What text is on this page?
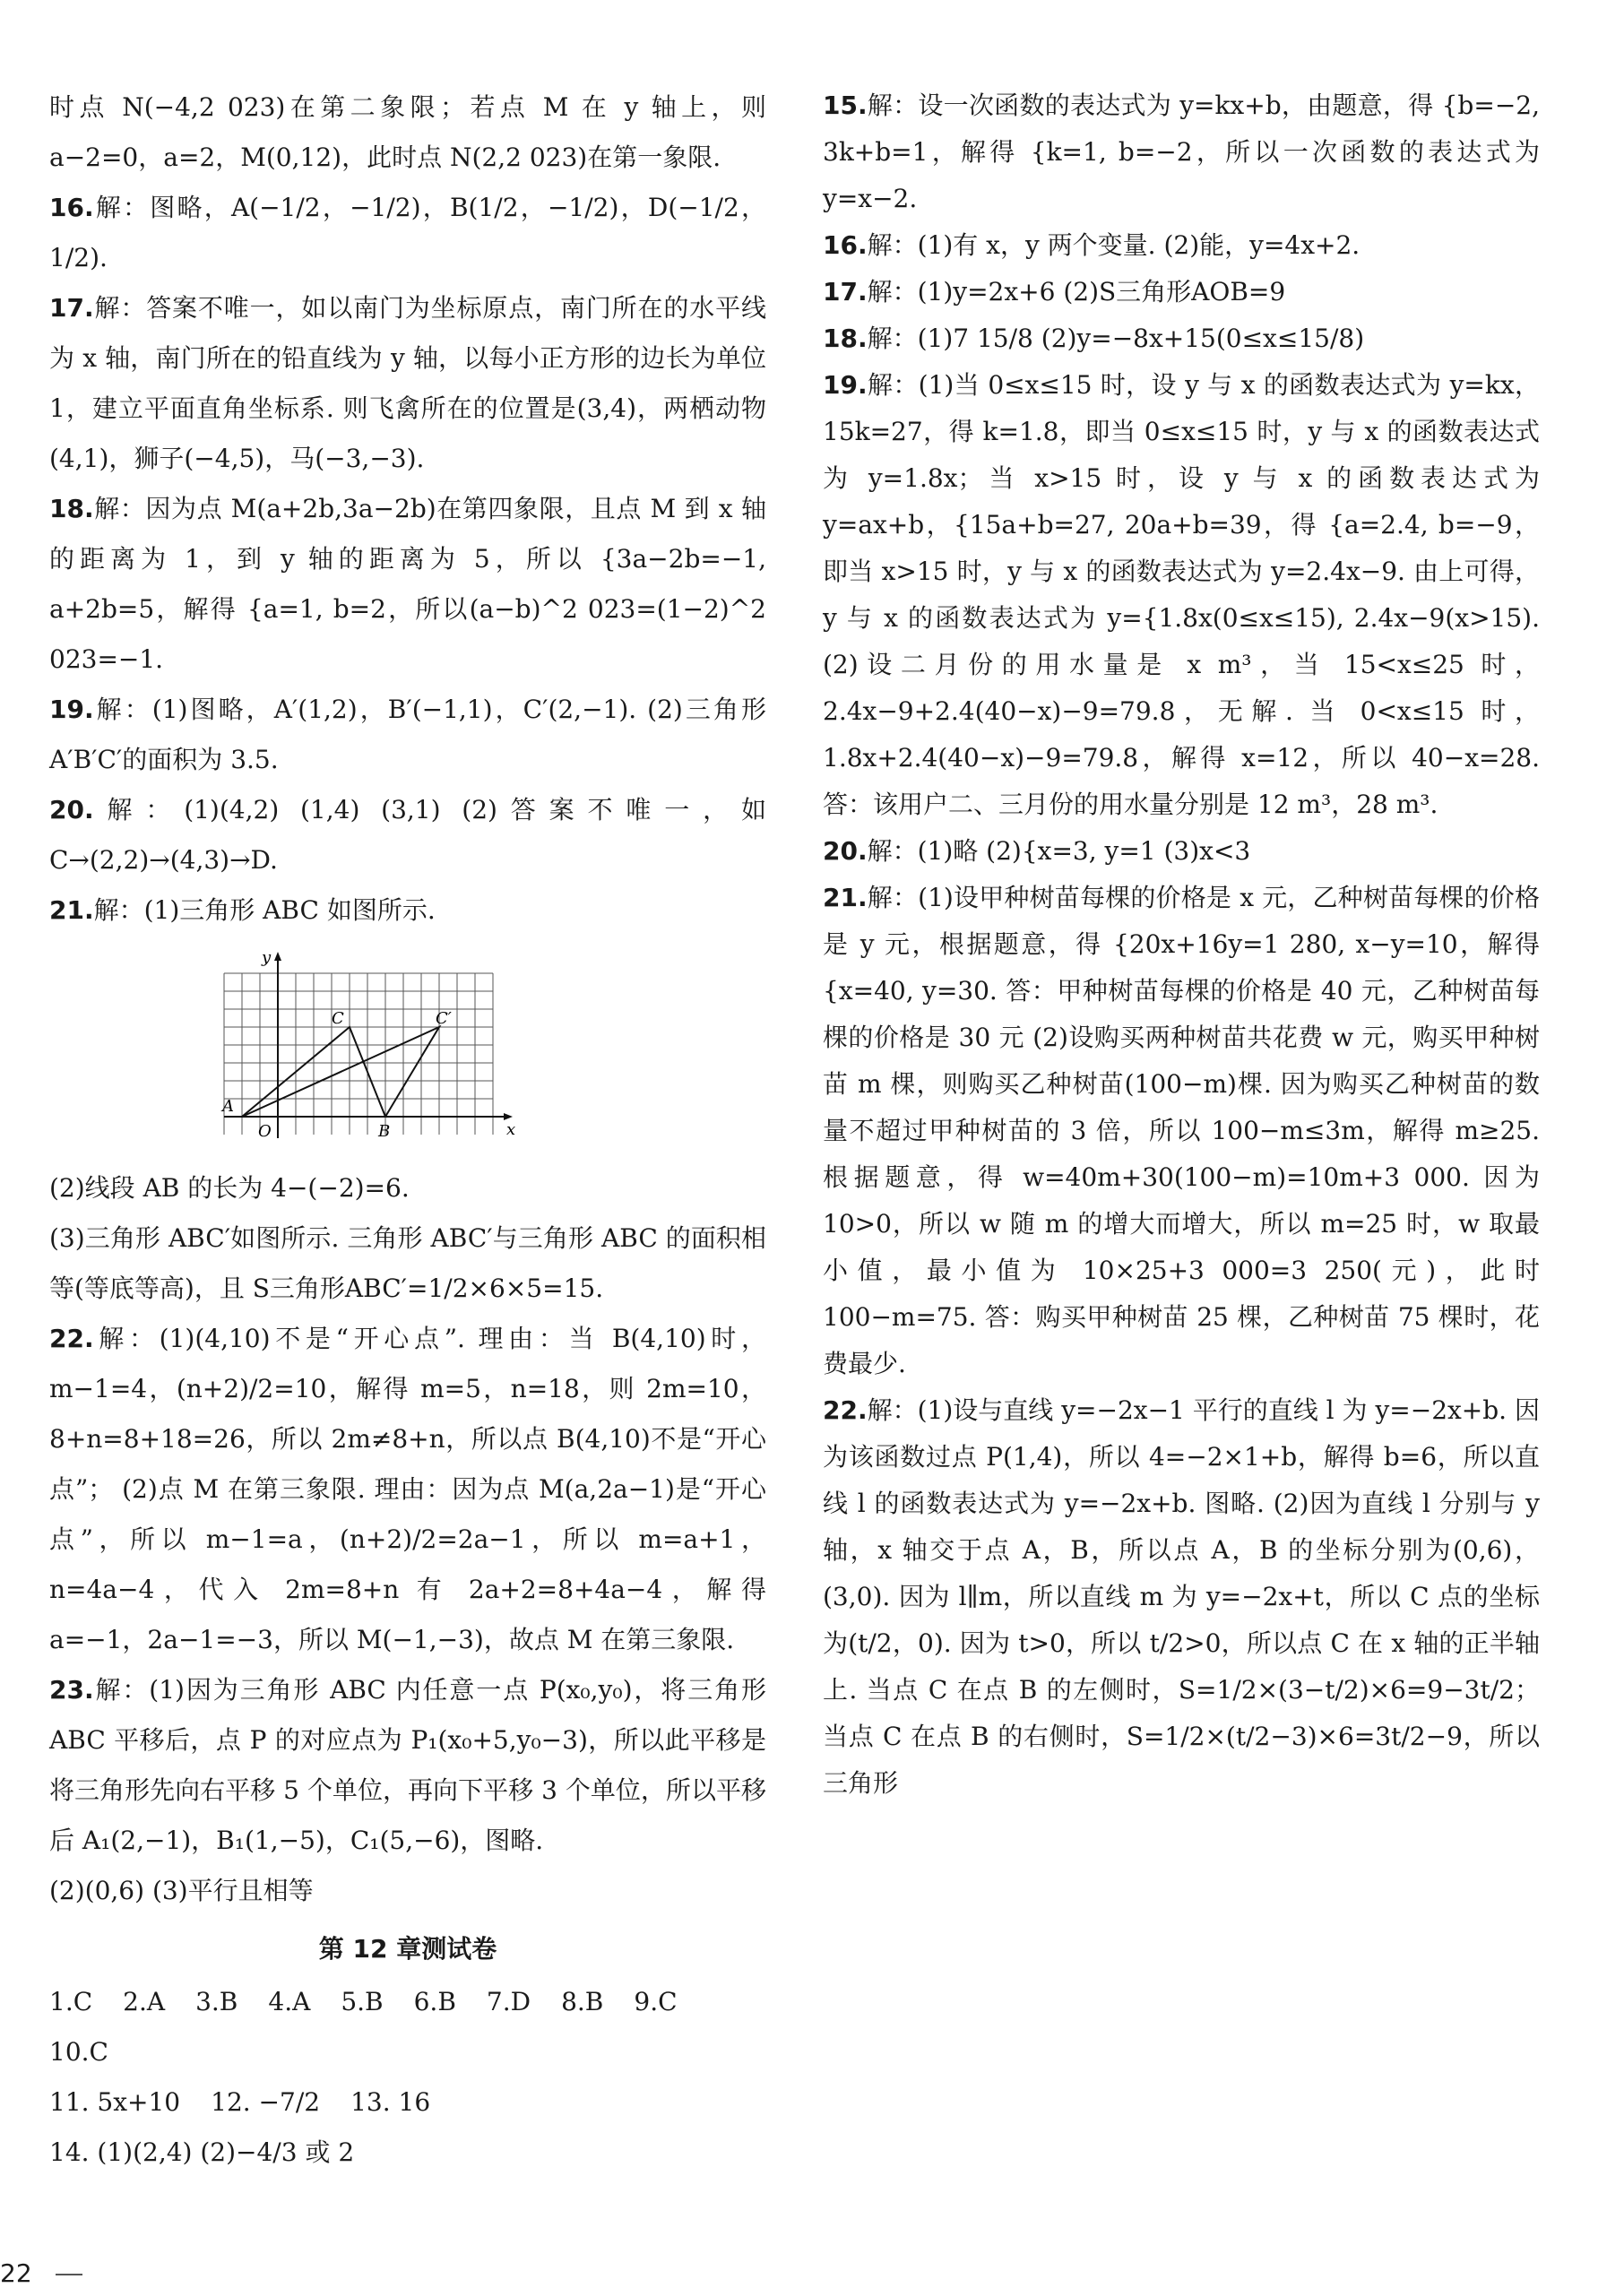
时点 N(−4,2 023)在第二象限；若点 M 在 y 轴上，则 a−2=0，a=2，M(0,12)，此时点 N(2,2 023)在第一象限.

16.解：图略，A(−1/2，−1/2)，B(1/2，−1/2)，D(−1/2，1/2).

17.解：答案不唯一，如以南门为坐标原点，南门所在的水平线为 x 轴，南门所在的铅直线为 y 轴，以每小正方形的边长为单位 1，建立平面直角坐标系. 则飞禽所在的位置是(3,4)，两栖动物(4,1)，狮子(−4,5)，马(−3,−3).

18.解：因为点 M(a+2b,3a−2b)在第四象限，且点 M 到 x 轴的距离为 1，到 y 轴的距离为 5，所以 {3a−2b=−1, a+2b=5，解得 {a=1, b=2，所以(a−b)^2 023=(1−2)^2 023=−1.

19.解：(1)图略，A′(1,2)，B′(−1,1)，C′(2,−1). (2)三角形 A′B′C′的面积为 3.5.

20.解：(1)(4,2) (1,4) (3,1) (2)答案不唯一，如 C→(2,2)→(4,3)→D.

21.解：(1)三角形 ABC 如图所示.

y
x
O
A
B
C	C′

(2)线段 AB 的长为 4−(−2)=6.

(3)三角形 ABC′如图所示. 三角形 ABC′与三角形 ABC 的面积相等(等底等高)，且 S三角形ABC′=1/2×6×5=15.

22.解：(1)(4,10)不是“开心点”. 理由：当 B(4,10)时，m−1=4，(n+2)/2=10，解得 m=5，n=18，则 2m=10，8+n=8+18=26，所以 2m≠8+n，所以点 B(4,10)不是“开心点”； (2)点 M 在第三象限. 理由：因为点 M(a,2a−1)是“开心点”，所以 m−1=a，(n+2)/2=2a−1，所以 m=a+1，n=4a−4，代入 2m=8+n 有 2a+2=8+4a−4，解得 a=−1，2a−1=−3，所以 M(−1,−3)，故点 M 在第三象限.

23.解：(1)因为三角形 ABC 内任意一点 P(x₀,y₀)，将三角形 ABC 平移后，点 P 的对应点为 P₁(x₀+5,y₀−3)，所以此平移是将三角形先向右平移 5 个单位，再向下平移 3 个单位，所以平移后 A₁(2,−1)，B₁(1,−5)，C₁(5,−6)，图略.

(2)(0,6) (3)平行且相等

第 12 章测试卷
1.C 2.A 3.B 4.A 5.B 6.B 7.D 8.B 9.C
10.C
11. 5x+10 12. −7/2 13. 16
14. (1)(2,4) (2)−4/3 或 2

15.解：设一次函数的表达式为 y=kx+b，由题意，得 {b=−2, 3k+b=1，解得 {k=1, b=−2，所以一次函数的表达式为 y=x−2.

16.解：(1)有 x，y 两个变量. (2)能，y=4x+2.

17.解：(1)y=2x+6 (2)S三角形AOB=9

18.解：(1)7 15/8 (2)y=−8x+15(0≤x≤15/8)

19.解：(1)当 0≤x≤15 时，设 y 与 x 的函数表达式为 y=kx，15k=27，得 k=1.8，即当 0≤x≤15 时，y 与 x 的函数表达式为 y=1.8x；当 x>15 时，设 y 与 x 的函数表达式为 y=ax+b，{15a+b=27, 20a+b=39，得 {a=2.4, b=−9，即当 x>15 时，y 与 x 的函数表达式为 y=2.4x−9. 由上可得，y 与 x 的函数表达式为 y={1.8x(0≤x≤15), 2.4x−9(x>15). (2)设二月份的用水量是 x m³，当 15<x≤25 时，2.4x−9+2.4(40−x)−9=79.8，无解. 当 0<x≤15 时，1.8x+2.4(40−x)−9=79.8，解得 x=12，所以 40−x=28. 答：该用户二、三月份的用水量分别是 12 m³，28 m³.

20.解：(1)略 (2){x=3, y=1 (3)x<3

21.解：(1)设甲种树苗每棵的价格是 x 元，乙种树苗每棵的价格是 y 元，根据题意，得 {20x+16y=1 280, x−y=10，解得 {x=40, y=30. 答：甲种树苗每棵的价格是 40 元，乙种树苗每棵的价格是 30 元 (2)设购买两种树苗共花费 w 元，购买甲种树苗 m 棵，则购买乙种树苗(100−m)棵. 因为购买乙种树苗的数量不超过甲种树苗的 3 倍，所以 100−m≤3m，解得 m≥25. 根据题意，得 w=40m+30(100−m)=10m+3 000. 因为 10>0，所以 w 随 m 的增大而增大，所以 m=25 时，w 取最小值，最小值为 10×25+3 000=3 250(元)，此时 100−m=75. 答：购买甲种树苗 25 棵，乙种树苗 75 棵时，花费最少.

22.解：(1)设与直线 y=−2x−1 平行的直线 l 为 y=−2x+b. 因为该函数过点 P(1,4)，所以 4=−2×1+b，解得 b=6，所以直线 l 的函数表达式为 y=−2x+b. 图略. (2)因为直线 l 分别与 y 轴，x 轴交于点 A，B，所以点 A，B 的坐标分别为(0,6)，(3,0). 因为 l∥m，所以直线 m 为 y=−2x+t，所以 C 点的坐标为(t/2，0). 因为 t>0，所以 t/2>0，所以点 C 在 x 轴的正半轴上. 当点 C 在点 B 的左侧时，S=1/2×(3−t/2)×6=9−3t/2；当点 C 在点 B 的右侧时，S=1/2×(t/2−3)×6=3t/2−9，所以三角形

22
